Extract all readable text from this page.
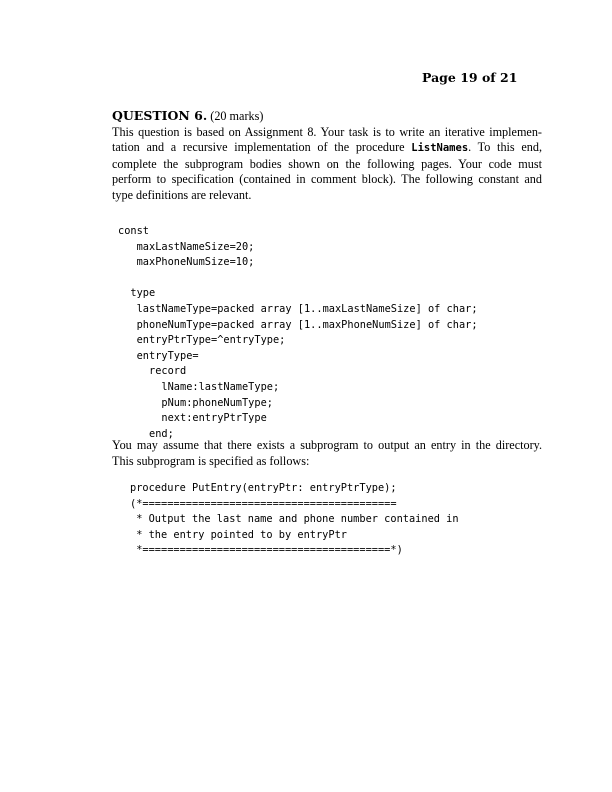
Page 19 of 21
QUESTION 6. (20 marks)
This question is based on Assignment 8. Your task is to write an iterative implemen-
tation and a recursive implementation of the procedure ListNames. To this end,
complete the subprogram bodies shown on the following pages. Your code must
perform to specification (contained in comment block). The following constant and
type definitions are relevant.
const
maxLastNameSize=20;
maxPhoneNumSize=10;

type
lastNameType=packed array [1..maxLastNameSize] of char;
phoneNumType=packed array [1..maxPhoneNumSize] of char;
entryPtrType=^entryType;
entryType=
record
lName:lastNameType;
pNum:phoneNumType;
next:entryPtrType
end;
You may assume that there exists a subprogram to output an entry in the directory.
This subprogram is specified as follows:
procedure PutEntry(entryPtr: entryPtrType);
(*=========================================
* Output the last name and phone number contained in
* the entry pointed to by entryPtr
*========================================*)
